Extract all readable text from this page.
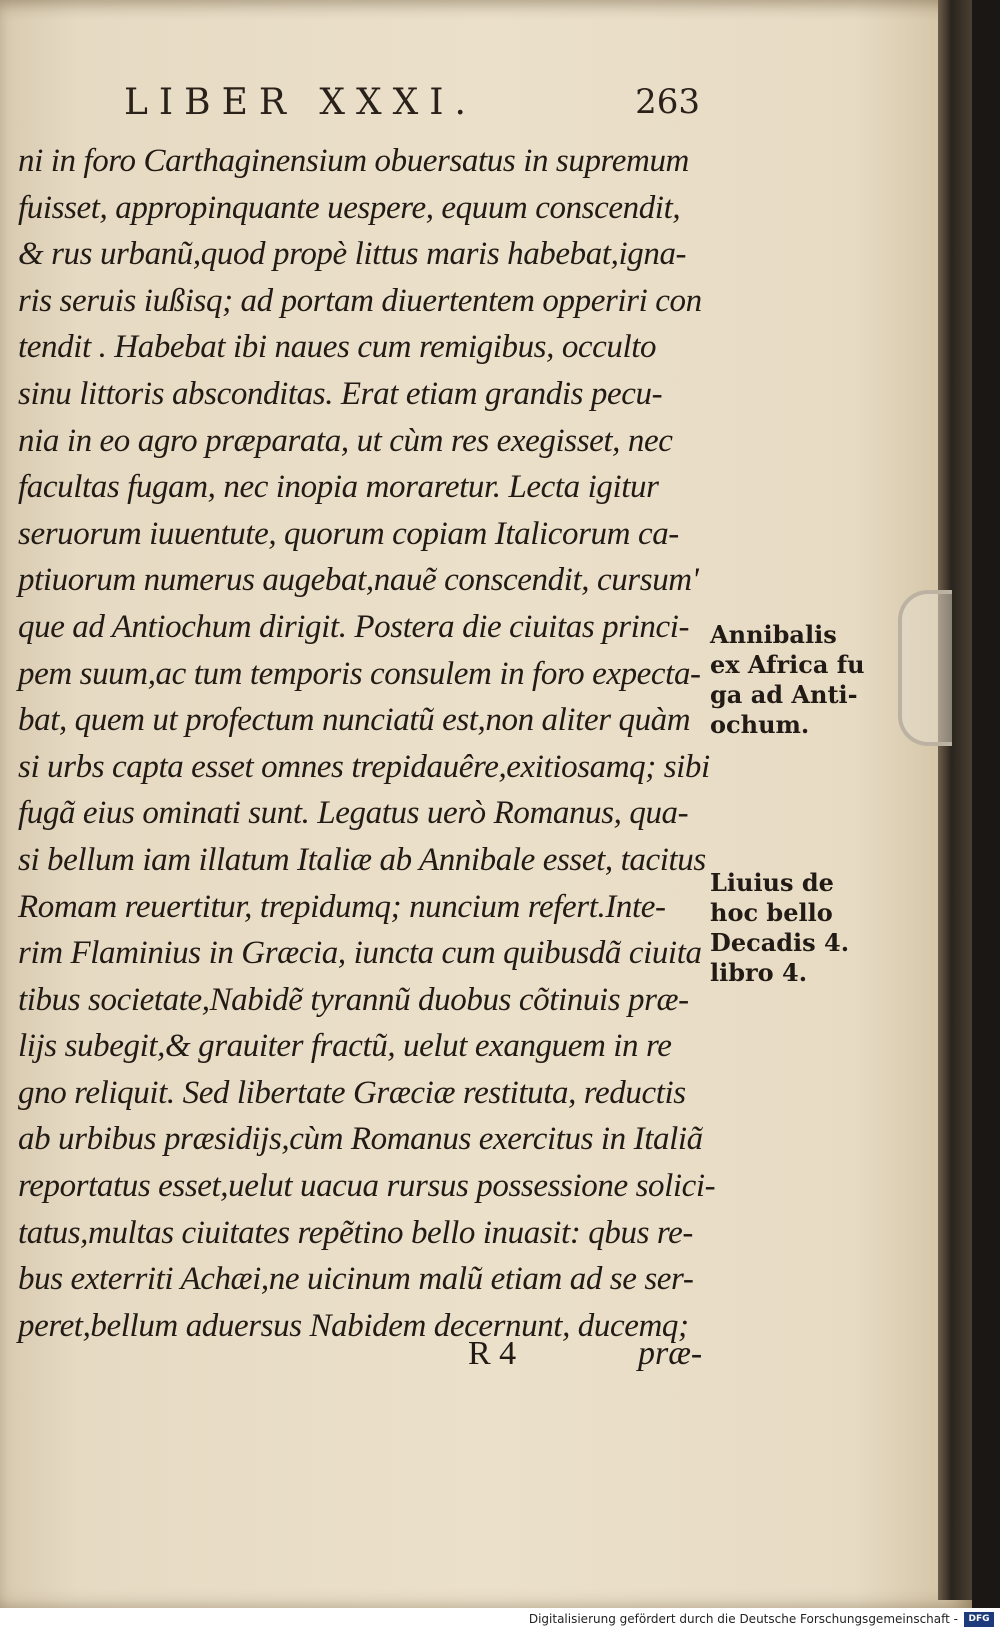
LIBER XXXI.	263
ni in foro Carthaginensium obuersatus in supremum
fuisset, appropinquante uespere, equum conscendit,
& rus urbanũ,quod propè littus maris habebat,igna-
ris seruis iußisq; ad portam diuertentem opperiri con
tendit . Habebat ibi naues cum remigibus, occulto
sinu littoris absconditas. Erat etiam grandis pecu-
nia in eo agro præparata, ut cùm res exegisset, nec
facultas fugam, nec inopia moraretur. Lecta igitur
seruorum iuuentute, quorum copiam Italicorum ca-
ptiuorum numerus augebat,nauẽ conscendit, cursum'
que ad Antiochum dirigit. Postera die ciuitas princi-
pem suum,ac tum temporis consulem in foro expecta-
bat, quem ut profectum nunciatũ est,non aliter quàm
si urbs capta esset omnes trepidauêre,exitiosamq; sibi
fugã eius ominati sunt. Legatus uerò Romanus, qua-
si bellum iam illatum Italiæ ab Annibale esset, tacitus
Romam reuertitur, trepidumq; nuncium refert.Inte-
rim Flaminius in Græcia, iuncta cum quibusdã ciuita
tibus societate,Nabidẽ tyrannũ duobus cõtinuis præ-
lijs subegit,& grauiter fractũ, uelut exanguem in re
gno reliquit. Sed libertate Græciæ restituta, reductis
ab urbibus præsidijs,cùm Romanus exercitus in Italiã
reportatus esset,uelut uacua rursus possessione solici-
tatus,multas ciuitates repẽtino bello inuasit: qbus re-
bus exterriti Achæi,ne uicinum malũ etiam ad se ser-
peret,bellum aduersus Nabidem decernunt, ducemq;
Annibalis
ex Africa fu
ga ad Anti-
ochum.
Liuius de
hoc bello
Decadis 4.
libro 4.
R 4	præ-
Digitalisierung gefördert durch die Deutsche Forschungsgemeinschaft -	DFG
